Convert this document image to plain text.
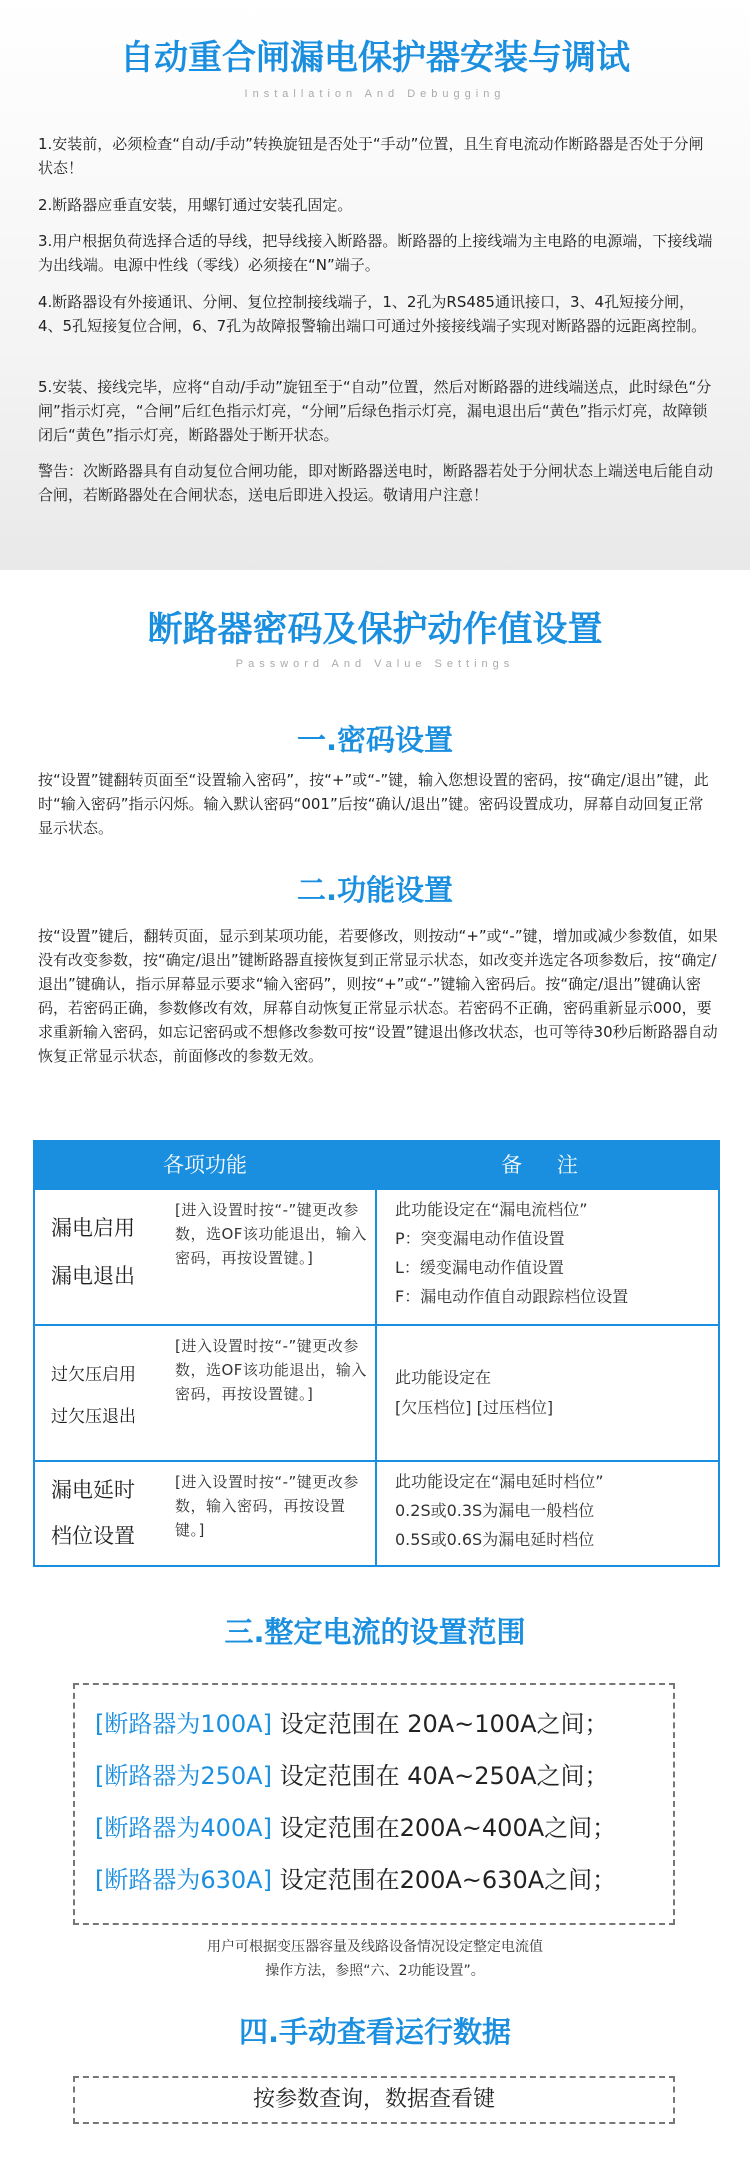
自动重合闸漏电保护器安装与调试
Installation And Debugging
1.安装前，必须检查“自动/手动”转换旋钮是否处于“手动”位置，且生育电流动作断路器是否处于分闸状态！
2.断路器应垂直安装，用螺钉通过安装孔固定。
3.用户根据负荷选择合适的导线，把导线接入断路器。断路器的上接线端为主电路的电源端，下接线端为出线端。电源中性线（零线）必须接在“N”端子。
4.断路器设有外接通讯、分闸、复位控制接线端子，1、2孔为RS485通讯接口，3、4孔短接分闸，4、5孔短接复位合闸，6、7孔为故障报警输出端口可通过外接接线端子实现对断路器的远距离控制。
5.安装、接线完毕，应将“自动/手动”旋钮至于“自动”位置，然后对断路器的进线端送点，此时绿色“分闸”指示灯亮，“合闸”后红色指示灯亮，“分闸”后绿色指示灯亮，漏电退出后“黄色”指示灯亮，故障锁闭后“黄色”指示灯亮，断路器处于断开状态。
警告：次断路器具有自动复位合闸功能，即对断路器送电时，断路器若处于分闸状态上端送电后能自动合闸，若断路器处在合闸状态，送电后即进入投运。敬请用户注意！
断路器密码及保护动作值设置
Password And Value Settings
一.密码设置
按“设置”键翻转页面至“设置输入密码”，按“+”或“-”键，输入您想设置的密码，按“确定/退出”键，此时“输入密码”指示闪烁。输入默认密码“001”后按“确认/退出”键。密码设置成功，屏幕自动回复正常显示状态。
二.功能设置
按“设置”键后，翻转页面，显示到某项功能，若要修改，则按动“+”或“-”键，增加或减少参数值，如果没有改变参数，按“确定/退出”键断路器直接恢复到正常显示状态，如改变并选定各项参数后，按“确定/退出”键确认，指示屏幕显示要求“输入密码”，则按“+”或“-”键输入密码后。按“确定/退出”键确认密码，若密码正确，参数修改有效，屏幕自动恢复正常显示状态。若密码不正确，密码重新显示000，要求重新输入密码，如忘记密码或不想修改参数可按“设置”键退出修改状态，也可等待30秒后断路器自动恢复正常显示状态，前面修改的参数无效。
各项功能	备 注
漏电启用
漏电退出
[进入设置时按“-”键更改参数，选OF该功能退出，输入密码，再按设置键。]
此功能设定在“漏电流档位”
P：突变漏电动作值设置
L：缓变漏电动作值设置
F：漏电动作值自动跟踪档位设置
过欠压启用
过欠压退出
[进入设置时按“-”键更改参数，选OF该功能退出，输入密码，再按设置键。]
此功能设定在
[欠压档位] [过压档位]
漏电延时
档位设置
[进入设置时按“-”键更改参数，输入密码，再按设置键。]
此功能设定在“漏电延时档位”
0.2S或0.3S为漏电一般档位
0.5S或0.6S为漏电延时档位
三.整定电流的设置范围
[断路器为100A] 设定范围在 20A~100A之间；
[断路器为250A] 设定范围在 40A~250A之间；
[断路器为400A] 设定范围在200A~400A之间；
[断路器为630A] 设定范围在200A~630A之间；
用户可根据变压器容量及线路设备情况设定整定电流值
操作方法，参照“六、2功能设置”。
四.手动查看运行数据
按参数查询，数据查看键
